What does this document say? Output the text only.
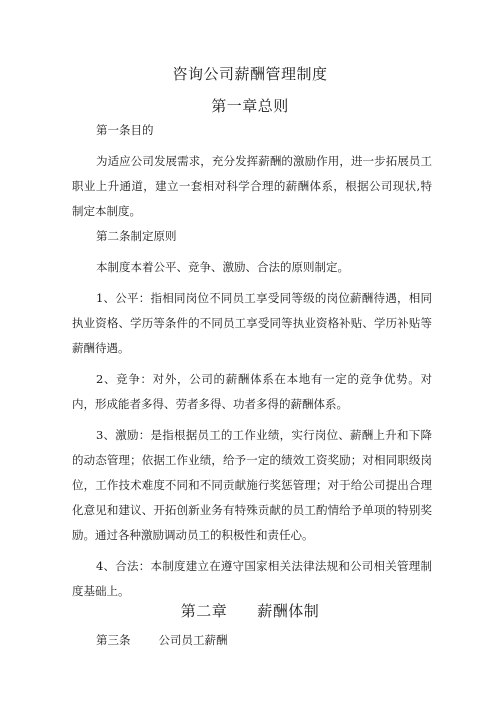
咨询公司薪酬管理制度
第一章总则

第一条目的

为适应公司发展需求，充分发挥薪酬的激励作用，进一步拓展员工职业上升通道，建立一套相对科学合理的薪酬体系，根据公司现状,特制定本制度。

第二条制定原则

本制度本着公平、竞争、激励、合法的原则制定。

1、公平：指相同岗位不同员工享受同等级的岗位薪酬待遇，相同执业资格、学历等条件的不同员工享受同等执业资格补贴、学历补贴等薪酬待遇。

2、竞争：对外，公司的薪酬体系在本地有一定的竞争优势。对内，形成能者多得、劳者多得、功者多得的薪酬体系。

3、激励：是指根据员工的工作业绩，实行岗位、薪酬上升和下降的动态管理；依据工作业绩，给予一定的绩效工资奖励；对相同职级岗位，工作技术难度不同和不同贡献施行奖惩管理；对于给公司提出合理化意见和建议、开拓创新业务有特殊贡献的员工酌情给予单项的特别奖励。通过各种激励调动员工的积极性和责任心。

4、合法：本制度建立在遵守国家相关法律法规和公司相关管理制度基础上。

第二章 薪酬体制
第三条 公司员工薪酬
